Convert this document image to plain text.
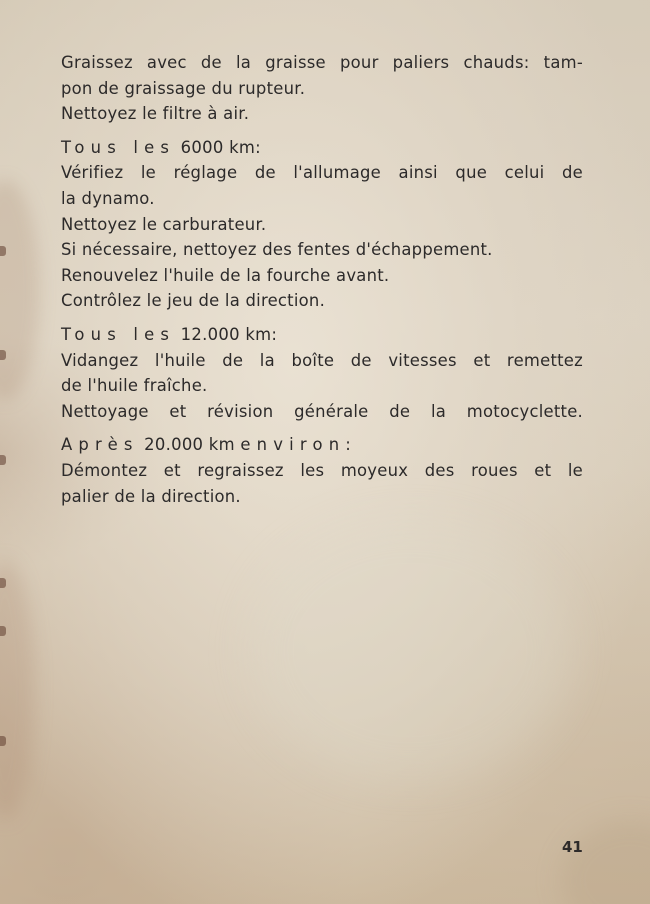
Graissez avec de la graisse pour paliers chauds: tam-
pon de graissage du rupteur.
Nettoyez le filtre à air.
Tous les 6000 km:
Vérifiez le réglage de l'allumage ainsi que celui de
la dynamo.
Nettoyez le carburateur.
Si nécessaire, nettoyez des fentes d'échappement.
Renouvelez l'huile de la fourche avant.
Contrôlez le jeu de la direction.
Tous les 12.000 km:
Vidangez l'huile de la boîte de vitesses et remettez
de l'huile fraîche.
Nettoyage et révision générale de la motocyclette.
Après 20.000 km environ:
Démontez et regraissez les moyeux des roues et le
palier de la direction.
41
